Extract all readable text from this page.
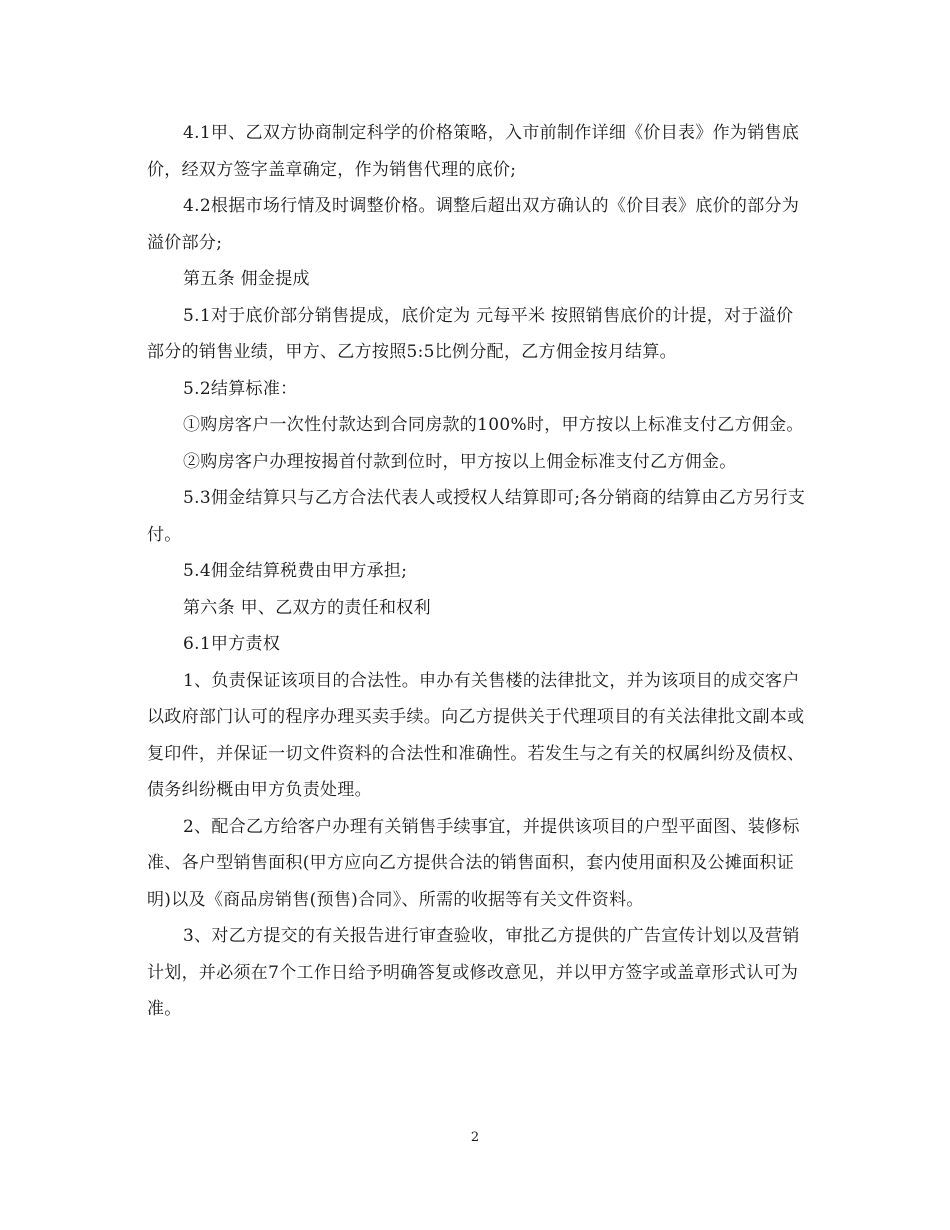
4.1甲、乙双方协商制定科学的价格策略，入市前制作详细《价目表》作为销售底价，经双方签字盖章确定，作为销售代理的底价;

4.2根据市场行情及时调整价格。调整后超出双方确认的《价目表》底价的部分为溢价部分;

第五条 佣金提成

5.1对于底价部分销售提成，底价定为 元每平米 按照销售底价的计提，对于溢价部分的销售业绩，甲方、乙方按照5:5比例分配，乙方佣金按月结算。

5.2结算标准：

①购房客户一次性付款达到合同房款的100%时，甲方按以上标准支付乙方佣金。

②购房客户办理按揭首付款到位时，甲方按以上佣金标准支付乙方佣金。

5.3佣金结算只与乙方合法代表人或授权人结算即可;各分销商的结算由乙方另行支付。

5.4佣金结算税费由甲方承担;

第六条 甲、乙双方的责任和权利

6.1甲方责权

1、负责保证该项目的合法性。申办有关售楼的法律批文，并为该项目的成交客户以政府部门认可的程序办理买卖手续。向乙方提供关于代理项目的有关法律批文副本或复印件，并保证一切文件资料的合法性和准确性。若发生与之有关的权属纠纷及债权、债务纠纷概由甲方负责处理。

2、配合乙方给客户办理有关销售手续事宜，并提供该项目的户型平面图、装修标准、各户型销售面积(甲方应向乙方提供合法的销售面积，套内使用面积及公摊面积证明)以及《商品房销售(预售)合同》、所需的收据等有关文件资料。

3、对乙方提交的有关报告进行审查验收，审批乙方提供的广告宣传计划以及营销计划，并必须在7个工作日给予明确答复或修改意见，并以甲方签字或盖章形式认可为准。

2
